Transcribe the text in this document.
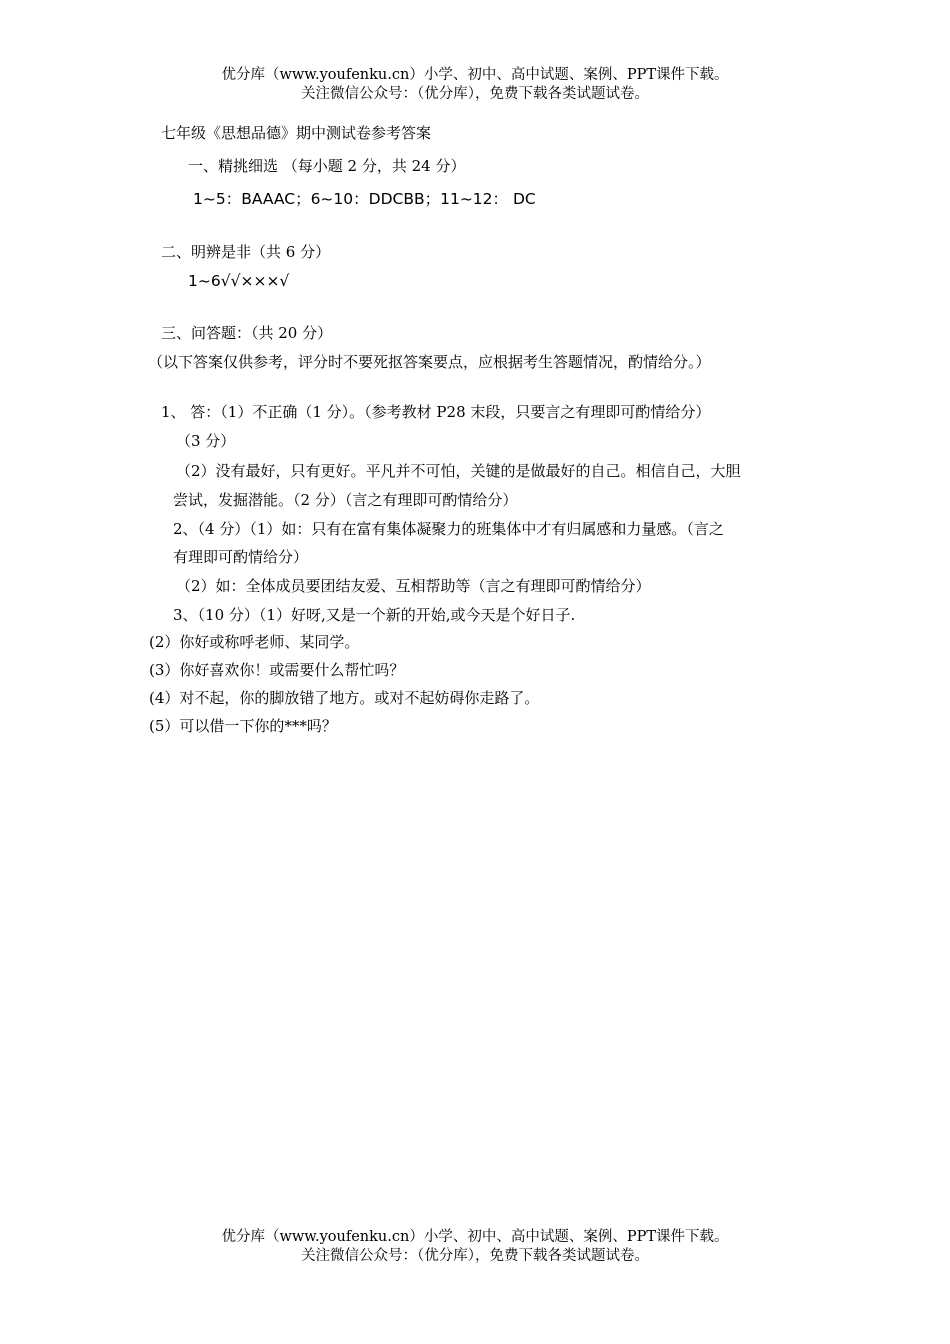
优分库（www.youfenku.cn）小学、初中、高中试题、案例、PPT课件下载。
关注微信公众号：（优分库），免费下载各类试题试卷。
七年级《思想品德》期中测试卷参考答案
一、精挑细选 （每小题 2 分，共 24 分）
1~5：BAAAC；6~10：DDCBB；11~12： DC
二、明辨是非（共 6 分）
1~6√√×××√
三、问答题：（共 20 分）
（以下答案仅供参考，评分时不要死抠答案要点，应根据考生答题情况，酌情给分。）
1、 答：（1）不正确（1 分）。（参考教材 P28 末段，只要言之有理即可酌情给分）
（3 分）
（2）没有最好，只有更好。平凡并不可怕，关键的是做最好的自己。相信自己，大胆
尝试，发掘潜能。（2 分）（言之有理即可酌情给分）
2、（4 分）（1）如：只有在富有集体凝聚力的班集体中才有归属感和力量感。（言之
有理即可酌情给分）
（2）如：全体成员要团结友爱、互相帮助等（言之有理即可酌情给分）
3、（10 分）（1）好呀,又是一个新的开始,或今天是个好日子.
(2）你好或称呼老师、某同学。
(3）你好喜欢你！或需要什么帮忙吗？
(4）对不起，你的脚放错了地方。或对不起妨碍你走路了。
(5）可以借一下你的***吗？
优分库（www.youfenku.cn）小学、初中、高中试题、案例、PPT课件下载。
关注微信公众号：（优分库），免费下载各类试题试卷。
